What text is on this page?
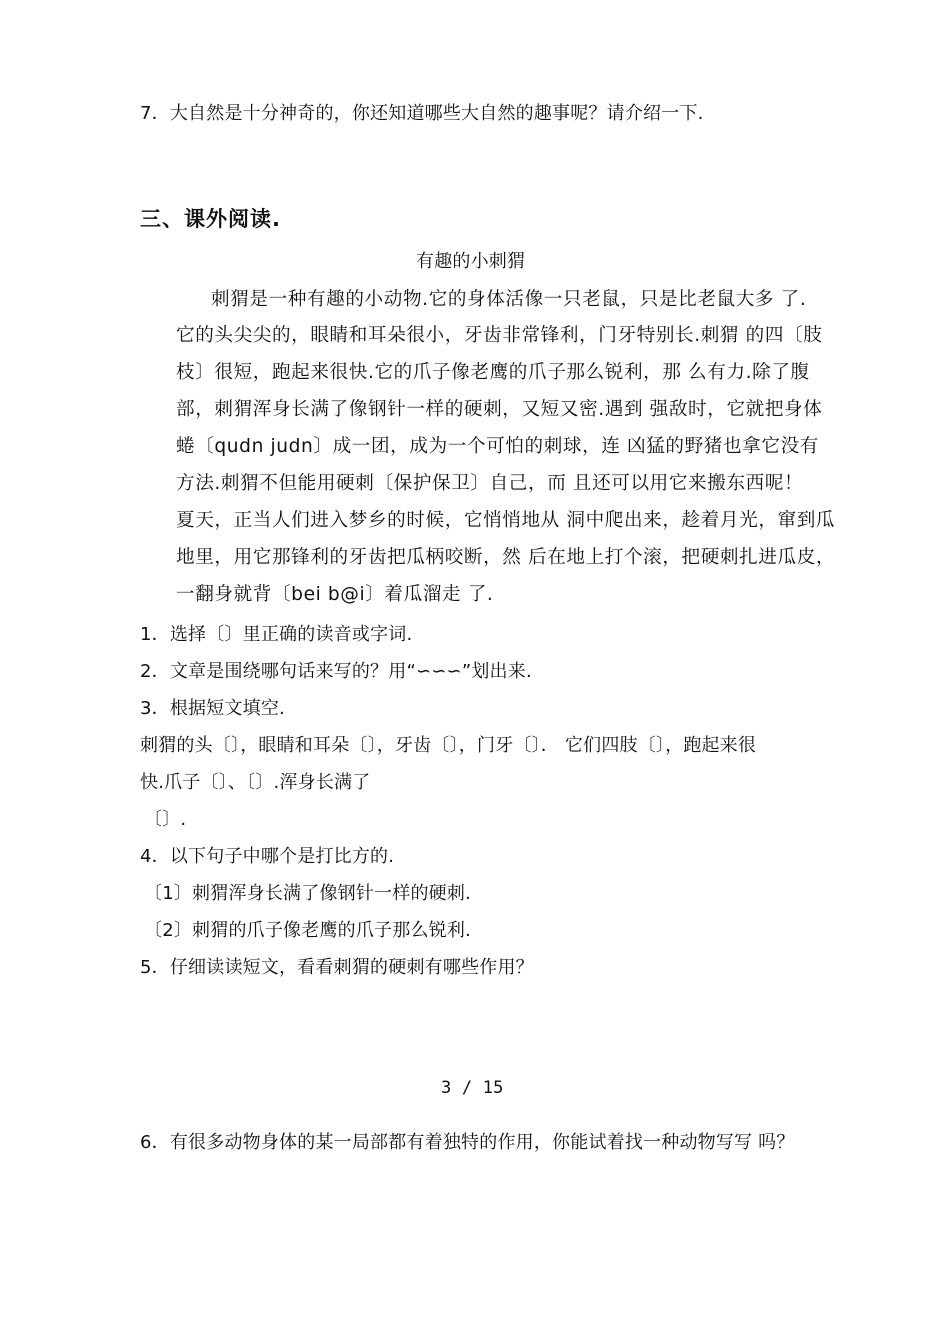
7．大自然是十分神奇的，你还知道哪些大自然的趣事呢？请介绍一下.
三、课外阅读.
有趣的小刺猬
刺猬是一种有趣的小动物.它的身体活像一只老鼠，只是比老鼠大多 了.
它的头尖尖的，眼睛和耳朵很小，牙齿非常锋利，门牙特别长.刺猬 的四〔肢
枝〕很短，跑起来很快.它的爪子像老鹰的爪子那么锐利，那 么有力.除了腹
部，刺猬浑身长满了像钢针一样的硬刺，又短又密.遇到 强敌时，它就把身体
蜷〔qudn judn〕成一团，成为一个可怕的刺球，连 凶猛的野猪也拿它没有
方法.刺猬不但能用硬刺〔保护保卫〕自己，而 且还可以用它来搬东西呢！
夏天，正当人们进入梦乡的时候，它悄悄地从 洞中爬出来，趁着月光，窜到瓜
地里，用它那锋利的牙齿把瓜柄咬断，然 后在地上打个滚，把硬刺扎进瓜皮，
一翻身就背〔bei b@i〕着瓜溜走 了.
1．选择〔〕里正确的读音或字词.
2．文章是围绕哪句话来写的？用“∽∽∽”划出来.
3．根据短文填空.
刺猬的头〔〕，眼睛和耳朵〔〕，牙齿〔〕，门牙〔〕． 它们四肢〔〕，跑起来很
快.爪子〔〕、〔〕.浑身长满了
〔〕.
4．以下句子中哪个是打比方的.
〔1〕刺猬浑身长满了像钢针一样的硬刺.
〔2〕刺猬的爪子像老鹰的爪子那么锐利.
5．仔细读读短文，看看刺猬的硬刺有哪些作用？
3 / 15
6．有很多动物身体的某一局部都有着独特的作用，你能试着找一种动物写写 吗？
